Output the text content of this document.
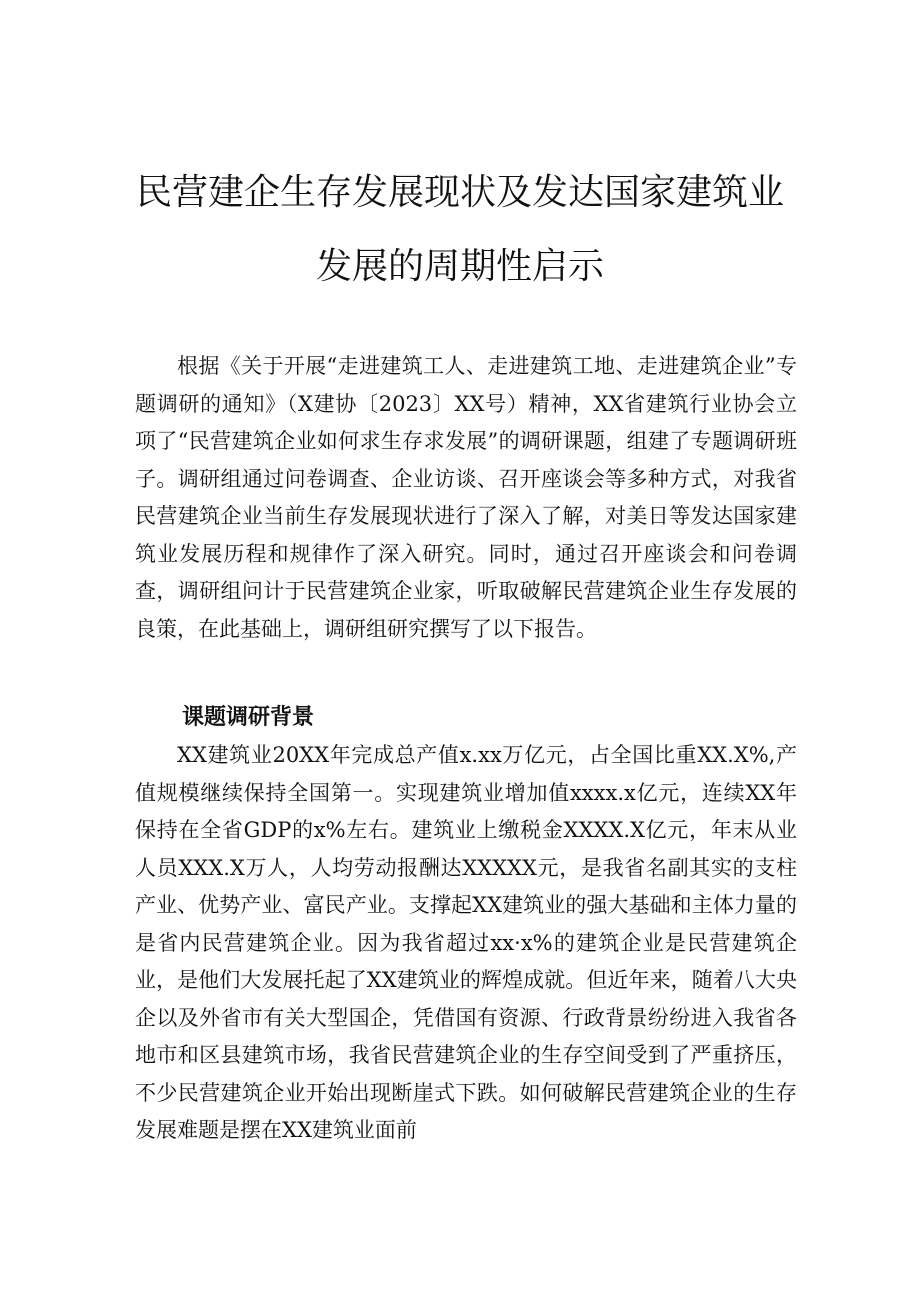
民营建企生存发展现状及发达国家建筑业
发展的周期性启示

根据《关于开展“走进建筑工人、走进建筑工地、走进建筑企业”专题调研的通知》（X建协〔2023〕XX号）精神，XX省建筑行业协会立项了“民营建筑企业如何求生存求发展”的调研课题，组建了专题调研班子。调研组通过问卷调查、企业访谈、召开座谈会等多种方式，对我省民营建筑企业当前生存发展现状进行了深入了解，对美日等发达国家建筑业发展历程和规律作了深入研究。同时，通过召开座谈会和问卷调查，调研组问计于民营建筑企业家，听取破解民营建筑企业生存发展的良策，在此基础上，调研组研究撰写了以下报告。

课题调研背景

XX建筑业20XX年完成总产值x.xx万亿元，占全国比重XX.X%,产值规模继续保持全国第一。实现建筑业增加值xxxx.x亿元，连续XX年保持在全省GDP的x%左右。建筑业上缴税金XXXX.X亿元，年末从业人员XXX.X万人，人均劳动报酬达XXXXX元，是我省名副其实的支柱产业、优势产业、富民产业。支撑起XX建筑业的强大基础和主体力量的是省内民营建筑企业。因为我省超过xx·x%的建筑企业是民营建筑企业，是他们大发展托起了XX建筑业的辉煌成就。但近年来，随着八大央企以及外省市有关大型国企，凭借国有资源、行政背景纷纷进入我省各地市和区县建筑市场，我省民营建筑企业的生存空间受到了严重挤压，不少民营建筑企业开始出现断崖式下跌。如何破解民营建筑企业的生存发展难题是摆在XX建筑业面前
